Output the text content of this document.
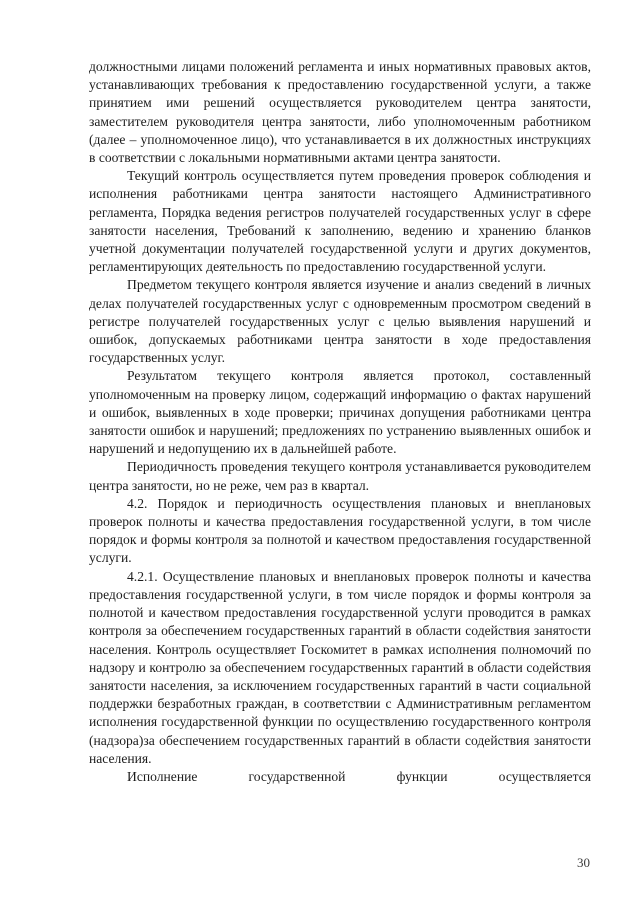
должностными лицами положений регламента и иных нормативных правовых актов, устанавливающих требования к предоставлению государственной услуги, а также принятием ими решений осуществляется руководителем центра занятости, заместителем руководителя центра занятости, либо уполномоченным работником (далее – уполномоченное лицо), что устанавливается в их должностных инструкциях в соответствии с локальными нормативными актами центра занятости.

Текущий контроль осуществляется путем проведения проверок соблюдения и исполнения работниками центра занятости настоящего Административного регламента, Порядка ведения регистров получателей государственных услуг в сфере занятости населения, Требований к заполнению, ведению и хранению бланков учетной документации получателей государственной услуги и других документов, регламентирующих деятельность по предоставлению государственной услуги.

Предметом текущего контроля является изучение и анализ сведений в личных делах получателей государственных услуг с одновременным просмотром сведений в регистре получателей государственных услуг с целью выявления нарушений и ошибок, допускаемых работниками центра занятости в ходе предоставления государственных услуг.

Результатом текущего контроля является протокол, составленный уполномоченным на проверку лицом, содержащий информацию о фактах нарушений и ошибок, выявленных в ходе проверки; причинах допущения работниками центра занятости ошибок и нарушений; предложениях по устранению выявленных ошибок и нарушений и недопущению их в дальнейшей работе.

Периодичность проведения текущего контроля устанавливается руководителем центра занятости, но не реже, чем раз в квартал.

4.2. Порядок и периодичность осуществления плановых и внеплановых проверок полноты и качества предоставления государственной услуги, в том числе порядок и формы контроля за полнотой и качеством предоставления государственной услуги.

4.2.1. Осуществление плановых и внеплановых проверок полноты и качества предоставления государственной услуги, в том числе порядок и формы контроля за полнотой и качеством предоставления государственной услуги проводится в рамках контроля за обеспечением государственных гарантий в области содействия занятости населения. Контроль осуществляет Госкомитет в рамках исполнения полномочий по надзору и контролю за обеспечением государственных гарантий в области содействия занятости населения, за исключением государственных гарантий в части социальной поддержки безработных граждан, в соответствии с Административным регламентом исполнения государственной функции по осуществлению государственного контроля (надзора)за обеспечением государственных гарантий в области содействия занятости населения.

Исполнение государственной функции осуществляется

30
